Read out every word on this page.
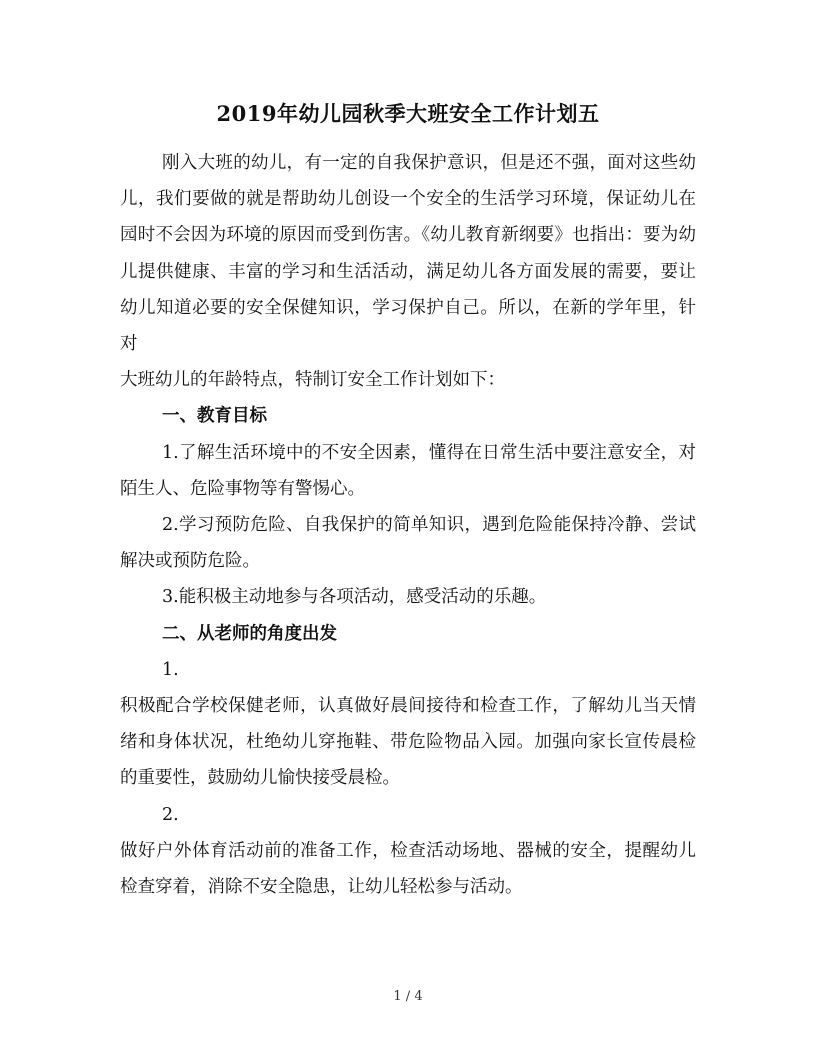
2019年幼儿园秋季大班安全工作计划五

刚入大班的幼儿，有一定的自我保护意识，但是还不强，面对这些幼儿，我们要做的就是帮助幼儿创设一个安全的生活学习环境，保证幼儿在园时不会因为环境的原因而受到伤害。《幼儿教育新纲要》也指出：要为幼儿提供健康、丰富的学习和生活活动，满足幼儿各方面发展的需要，要让幼儿知道必要的安全保健知识，学习保护自己。所以，在新的学年里，针对

大班幼儿的年龄特点，特制订安全工作计划如下：

一、教育目标

1.了解生活环境中的不安全因素，懂得在日常生活中要注意安全，对陌生人、危险事物等有警惕心。

2.学习预防危险、自我保护的简单知识，遇到危险能保持冷静、尝试解决或预防危险。

3.能积极主动地参与各项活动，感受活动的乐趣。

二、从老师的角度出发

1.

积极配合学校保健老师，认真做好晨间接待和检查工作，了解幼儿当天情绪和身体状况，杜绝幼儿穿拖鞋、带危险物品入园。加强向家长宣传晨检的重要性，鼓励幼儿愉快接受晨检。

2.

做好户外体育活动前的准备工作，检查活动场地、器械的安全，提醒幼儿检查穿着，消除不安全隐患，让幼儿轻松参与活动。

1 / 4
